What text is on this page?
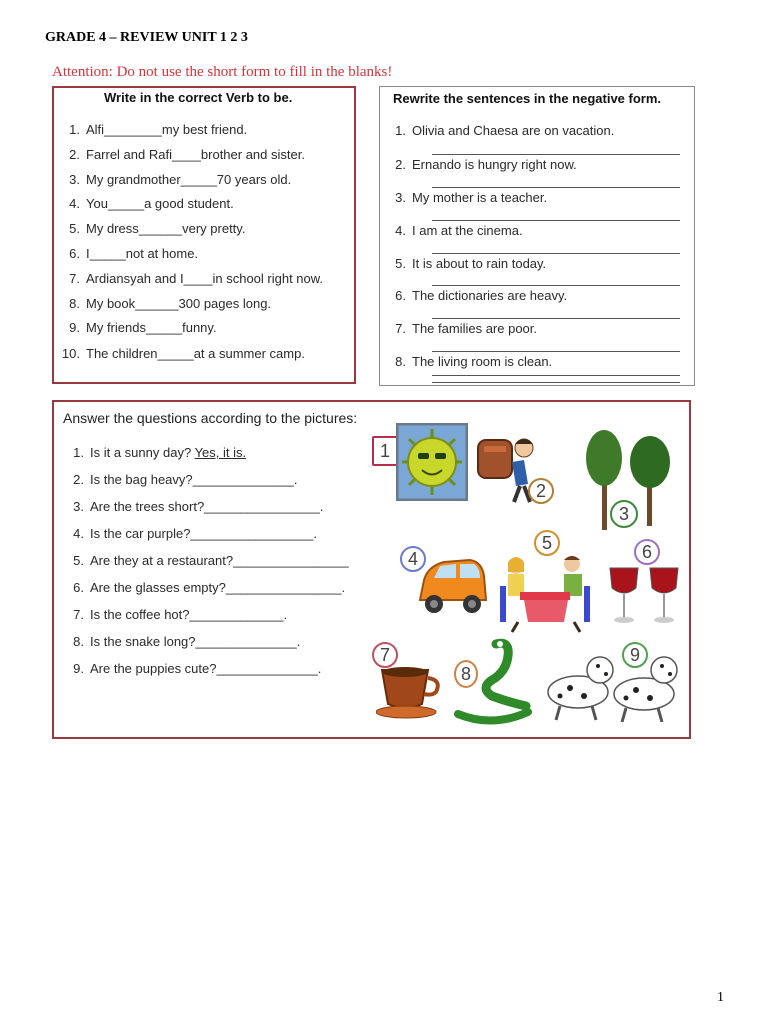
GRADE 4 – REVIEW UNIT 1 2 3
Attention: Do not use the short form to fill in the blanks!
Write in the correct Verb to be.
1. Alfi________my best friend.
2. Farrel and Rafi____brother and sister.
3. My grandmother_____70 years old.
4. You_____a good student.
5. My dress______very pretty.
6. I_____not at home.
7. Ardiansyah and I____in school right now.
8. My book______300 pages long.
9. My friends_____funny.
10. The children_____at a summer camp.
Rewrite the sentences in the negative form.
1. Olivia and Chaesa are on vacation.
2. Ernando is hungry right now.
3. My mother is a teacher.
4. I am at the cinema.
5. It is about to rain today.
6. The dictionaries are heavy.
7. The families are poor.
8. The living room is clean.
Answer the questions according to the pictures:
1. Is it a sunny day? Yes, it is.
2. Is the bag heavy?______________.
3. Are the trees short?________________.
4. Is the car purple?_________________.
5. Are they at a restaurant?________________
6. Are the glasses empty?________________.
7. Is the coffee hot?_____________.
8. Is the snake long?______________.
9. Are the puppies cute?______________.
1
2
3
4
5	6
7
8
9
1
